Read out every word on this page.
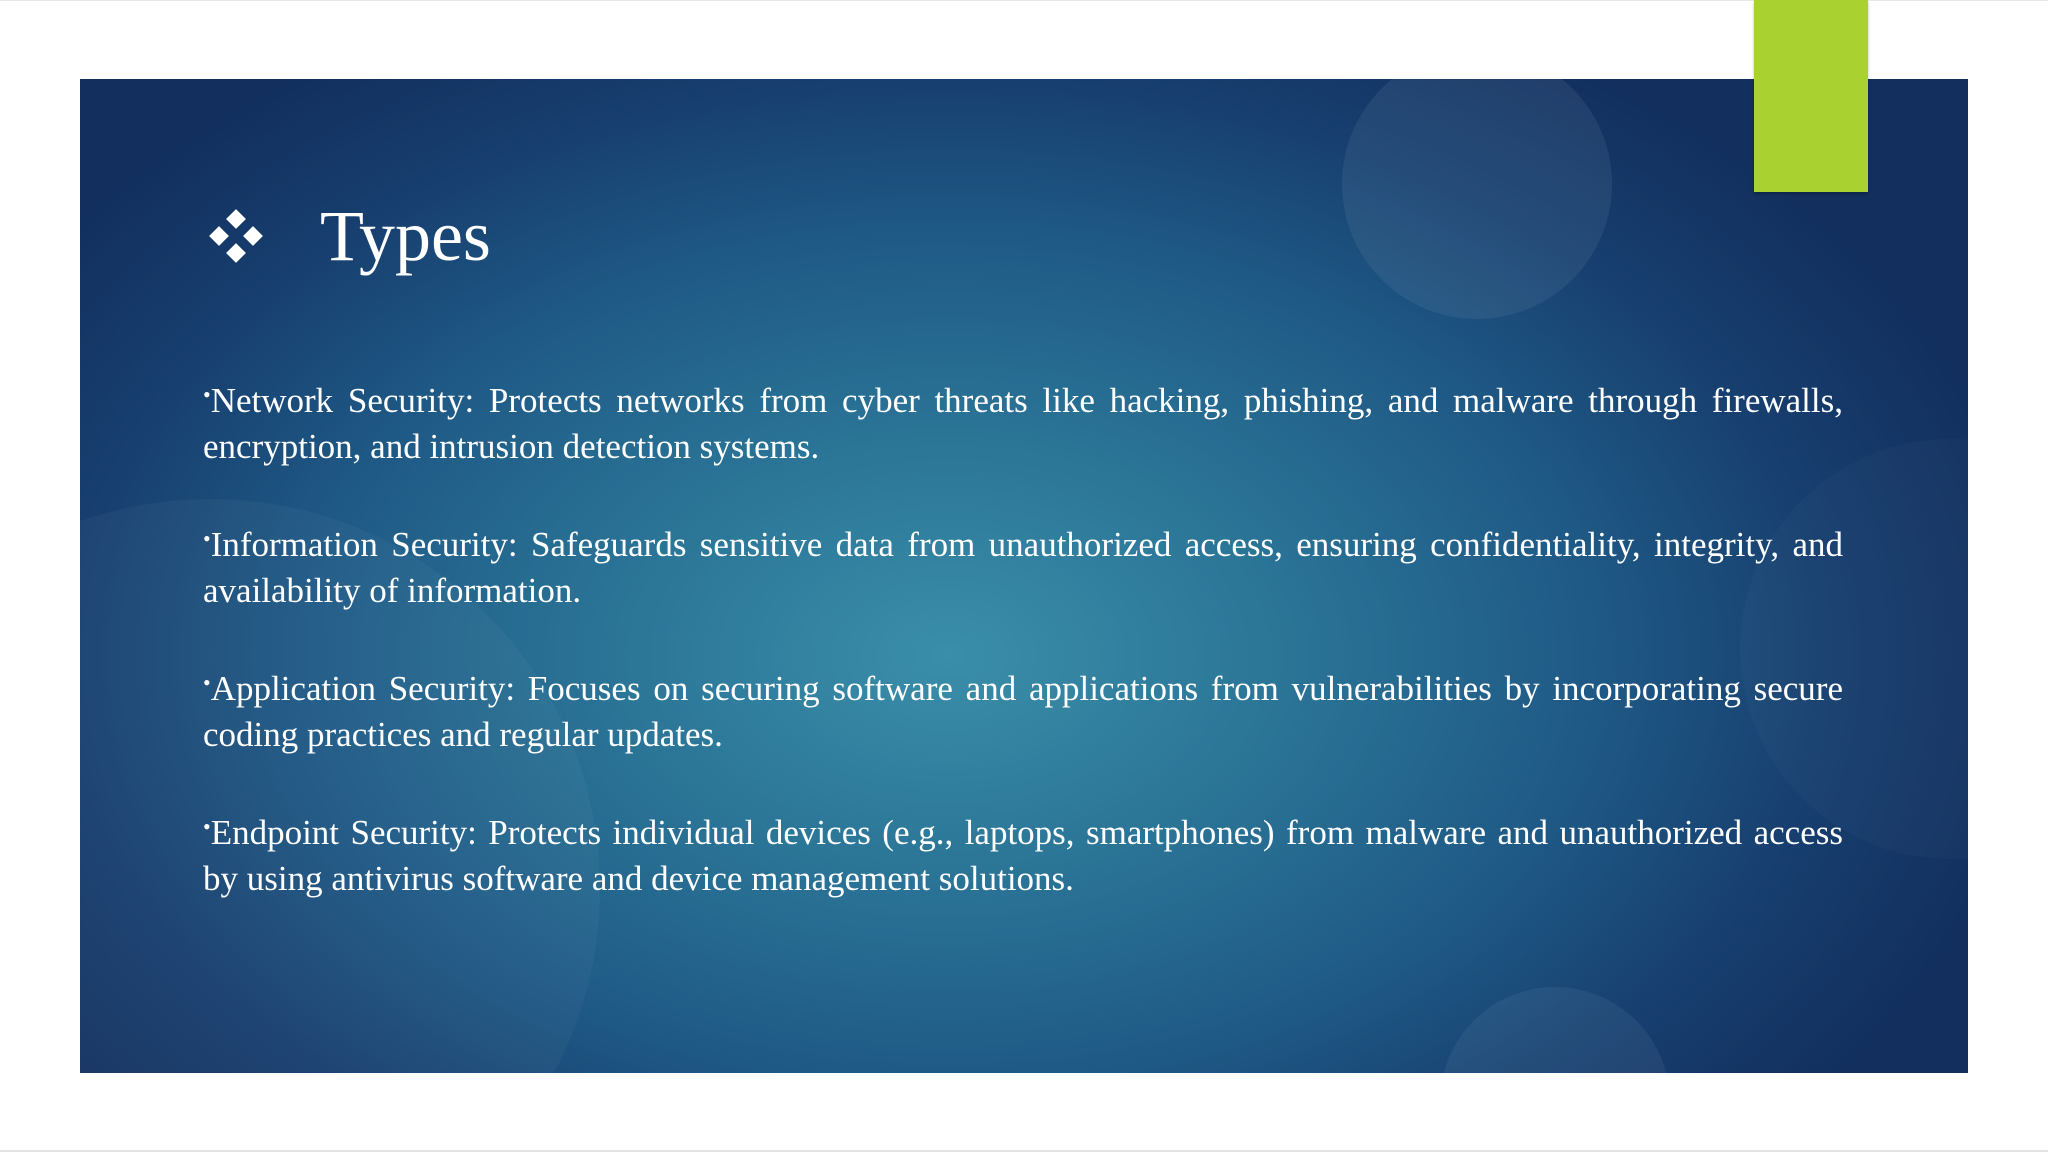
Types
•Network Security: Protects networks from cyber threats like hacking, phishing, and malware through firewalls, encryption, and intrusion detection systems.
•Information Security: Safeguards sensitive data from unauthorized access, ensuring confidentiality, integrity, and availability of information.
•Application Security: Focuses on securing software and applications from vulnerabilities by incorporating secure coding practices and regular updates.
•Endpoint Security: Protects individual devices (e.g., laptops, smartphones) from malware and unauthorized access by using antivirus software and device management solutions.
